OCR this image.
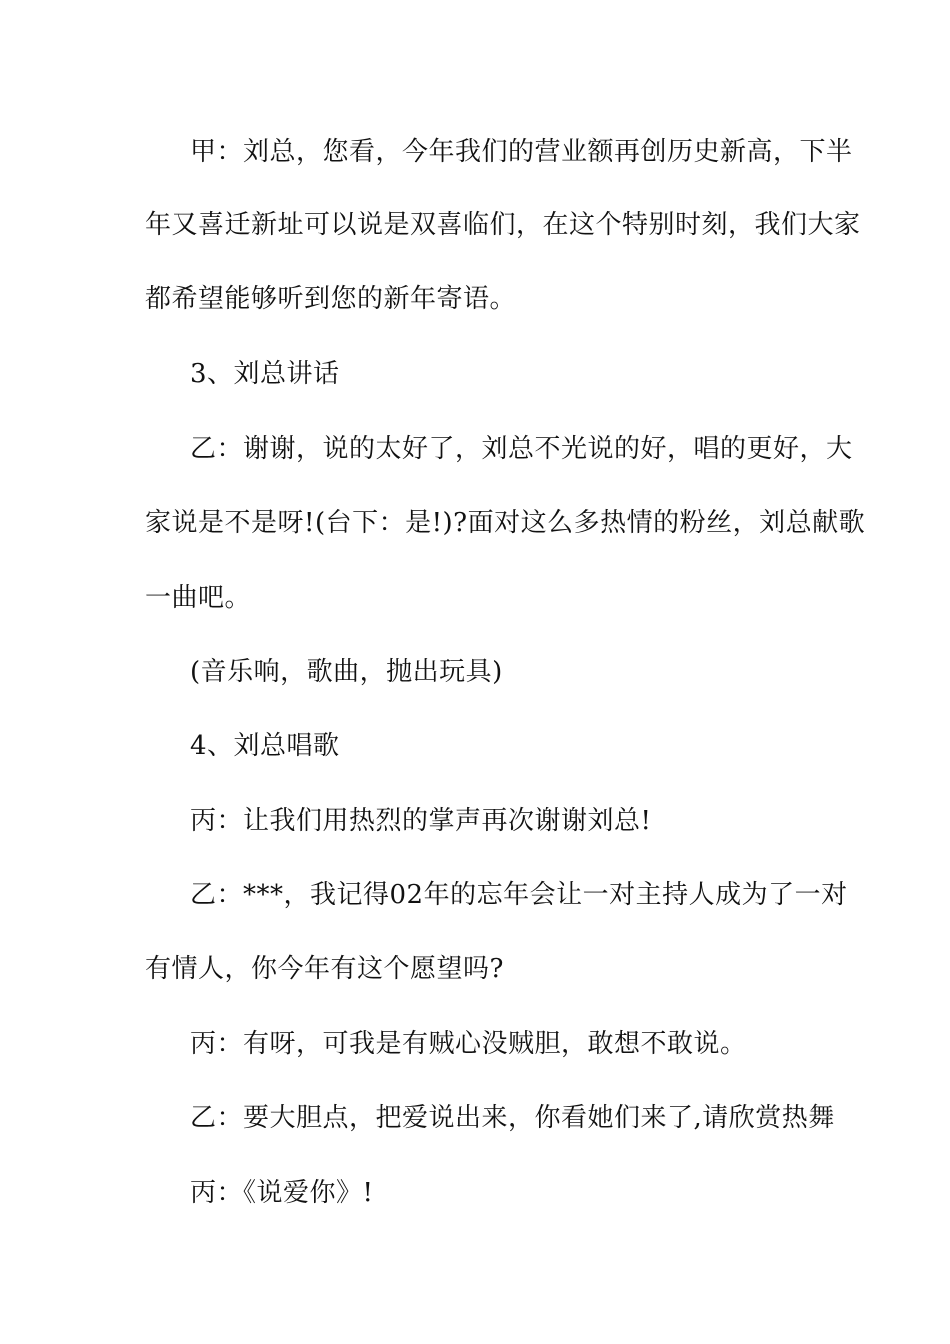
甲：刘总，您看，今年我们的营业额再创历史新高，下半
年又喜迁新址可以说是双喜临们，在这个特别时刻，我们大家
都希望能够听到您的新年寄语。
3、刘总讲话
乙：谢谢，说的太好了，刘总不光说的好，唱的更好，大
家说是不是呀!(台下：是!)?面对这么多热情的粉丝，刘总献歌
一曲吧。
(音乐响，歌曲，抛出玩具)
4、刘总唱歌
丙：让我们用热烈的掌声再次谢谢刘总!
乙：***，我记得02年的忘年会让一对主持人成为了一对
有情人，你今年有这个愿望吗?
丙：有呀，可我是有贼心没贼胆，敢想不敢说。
乙：要大胆点，把爱说出来，你看她们来了,请欣赏热舞
丙：《说爱你》!
